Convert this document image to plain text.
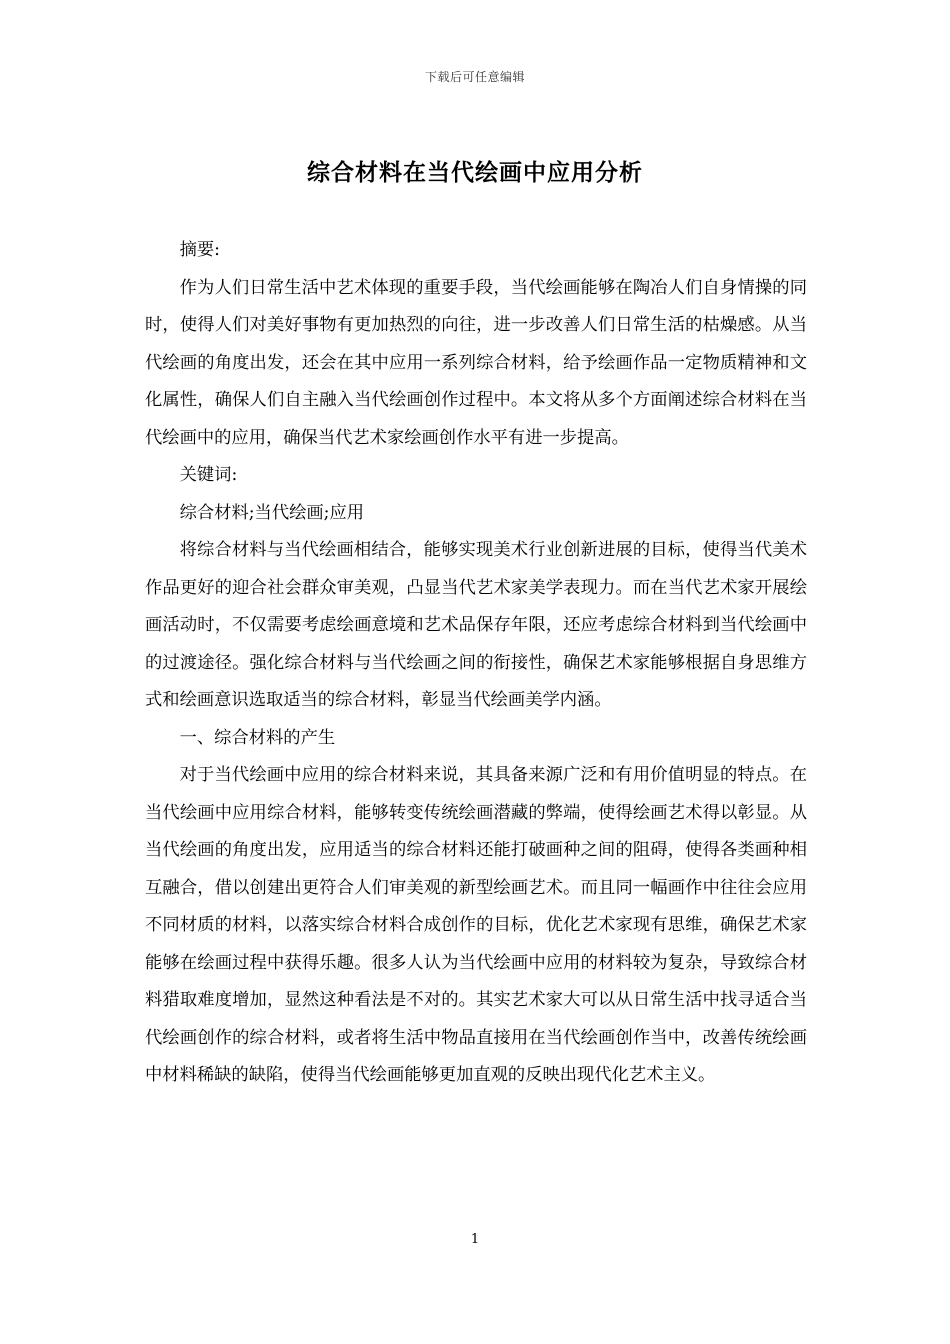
下载后可任意编辑
综合材料在当代绘画中应用分析

摘要:

作为人们日常生活中艺术体现的重要手段，当代绘画能够在陶冶人们自身情操的同时，使得人们对美好事物有更加热烈的向往，进一步改善人们日常生活的枯燥感。从当代绘画的角度出发，还会在其中应用一系列综合材料，给予绘画作品一定物质精神和文化属性，确保人们自主融入当代绘画创作过程中。本文将从多个方面阐述综合材料在当代绘画中的应用，确保当代艺术家绘画创作水平有进一步提高。

关键词:

综合材料;当代绘画;应用

将综合材料与当代绘画相结合，能够实现美术行业创新进展的目标，使得当代美术作品更好的迎合社会群众审美观，凸显当代艺术家美学表现力。而在当代艺术家开展绘画活动时，不仅需要考虑绘画意境和艺术品保存年限，还应考虑综合材料到当代绘画中的过渡途径。强化综合材料与当代绘画之间的衔接性，确保艺术家能够根据自身思维方式和绘画意识选取适当的综合材料，彰显当代绘画美学内涵。

一、综合材料的产生

对于当代绘画中应用的综合材料来说，其具备来源广泛和有用价值明显的特点。在当代绘画中应用综合材料，能够转变传统绘画潜藏的弊端，使得绘画艺术得以彰显。从当代绘画的角度出发，应用适当的综合材料还能打破画种之间的阻碍，使得各类画种相互融合，借以创建出更符合人们审美观的新型绘画艺术。而且同一幅画作中往往会应用不同材质的材料，以落实综合材料合成创作的目标，优化艺术家现有思维，确保艺术家能够在绘画过程中获得乐趣。很多人认为当代绘画中应用的材料较为复杂，导致综合材料猎取难度增加，显然这种看法是不对的。其实艺术家大可以从日常生活中找寻适合当代绘画创作的综合材料，或者将生活中物品直接用在当代绘画创作当中，改善传统绘画中材料稀缺的缺陷，使得当代绘画能够更加直观的反映出现代化艺术主义。

1
